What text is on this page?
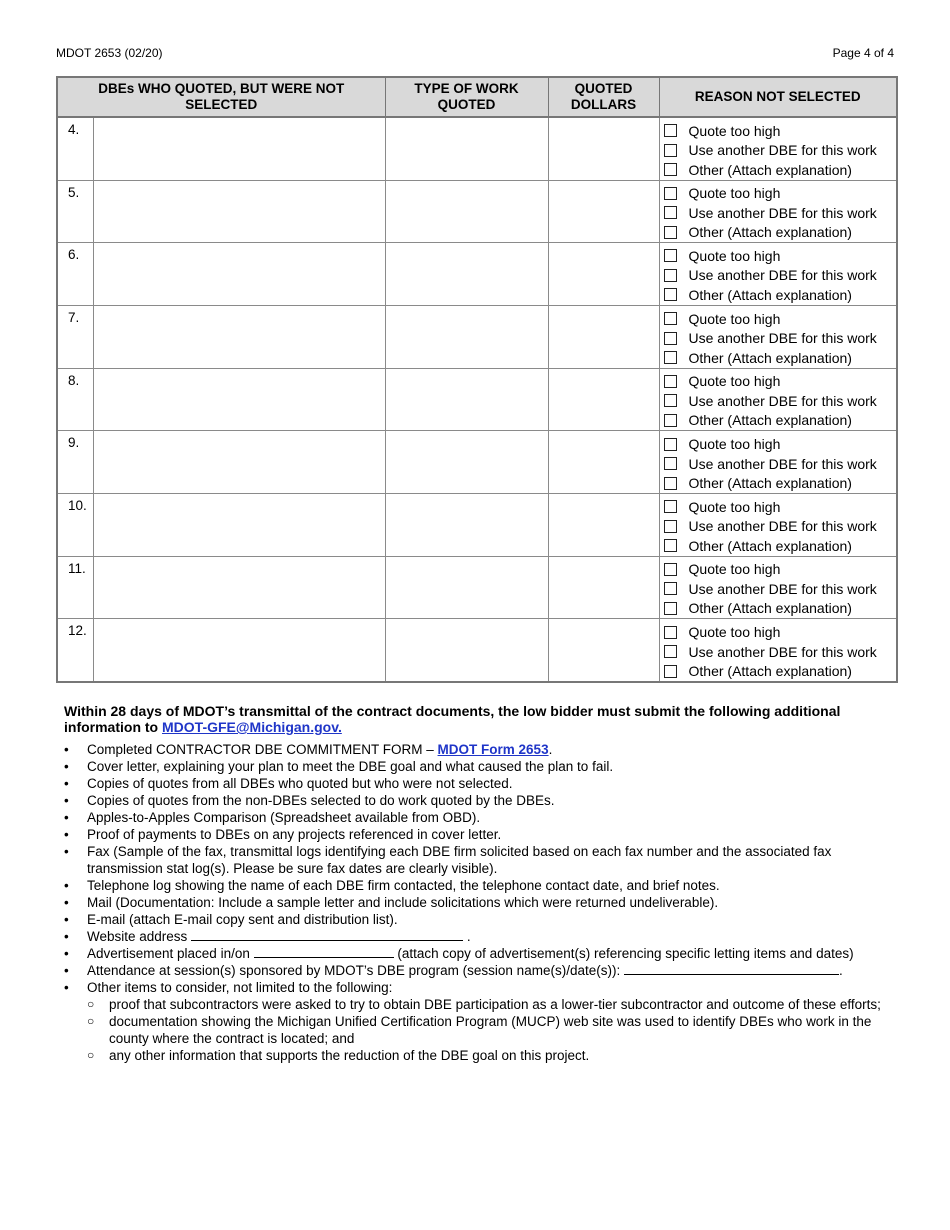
MDOT 2653 (02/20)	Page 4 of 4
DBEs WHO QUOTED, BUT WERE NOT SELECTED		TYPE OF WORK QUOTED	QUOTED DOLLARS	REASON NOT SELECTED
4.				Quote too high
Use another DBE for this work
Other (Attach explanation)

5.				Quote too high
Use another DBE for this work
Other (Attach explanation)

6.				Quote too high
Use another DBE for this work
Other (Attach explanation)

7.				Quote too high
Use another DBE for this work
Other (Attach explanation)

8.				Quote too high
Use another DBE for this work
Other (Attach explanation)

9.				Quote too high
Use another DBE for this work
Other (Attach explanation)

10.				Quote too high
Use another DBE for this work
Other (Attach explanation)

11.				Quote too high
Use another DBE for this work
Other (Attach explanation)

12.				Quote too high
Use another DBE for this work
Other (Attach explanation)

Within 28 days of MDOT’s transmittal of the contract documents, the low bidder must submit the following additional information to MDOT-GFE@Michigan.gov.

• Completed CONTRACTOR DBE COMMITMENT FORM – MDOT Form 2653.
• Cover letter, explaining your plan to meet the DBE goal and what caused the plan to fail.
• Copies of quotes from all DBEs who quoted but who were not selected.
• Copies of quotes from the non-DBEs selected to do work quoted by the DBEs.
• Apples-to-Apples Comparison (Spreadsheet available from OBD).
• Proof of payments to DBEs on any projects referenced in cover letter.
• Fax (Sample of the fax, transmittal logs identifying each DBE firm solicited based on each fax number and the associated fax transmission stat log(s). Please be sure fax dates are clearly visible).
• Telephone log showing the name of each DBE firm contacted, the telephone contact date, and brief notes.
• Mail (Documentation: Include a sample letter and include solicitations which were returned undeliverable).
• E-mail (attach E-mail copy sent and distribution list).
• Website address	.
• Advertisement placed in/on	(attach copy of advertisement(s) referencing specific letting items and dates)
• Attendance at session(s) sponsored by MDOT’s DBE program (session name(s)/date(s)):	.
• Other items to consider, not limited to the following:
○ proof that subcontractors were asked to try to obtain DBE participation as a lower-tier subcontractor and outcome of these efforts;
○ documentation showing the Michigan Unified Certification Program (MUCP) web site was used to identify DBEs who work in the county where the contract is located; and
○ any other information that supports the reduction of the DBE goal on this project.
